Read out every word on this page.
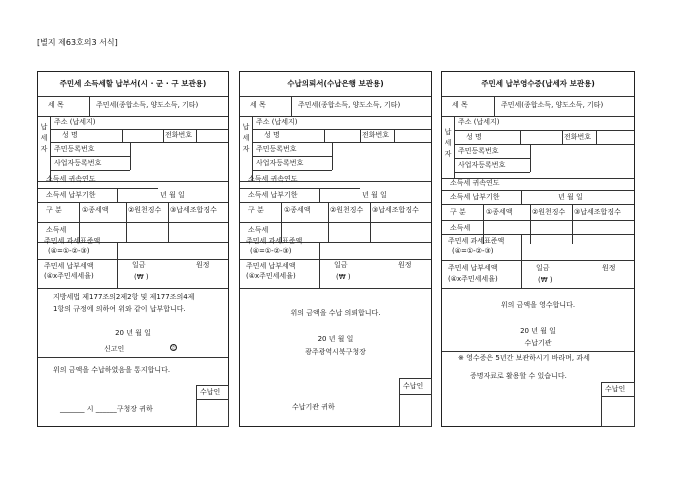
[별지 제63호의3 서식]
주민세 소득세할 납부서(시 · 군 · 구 보관용)
세 목	주민세(종합소득, 양도소득, 기타)
납
세
자
주소 (납세지)
성 명	전화번호
주민등록번호
사업자등록번호
소득세 귀속연도
소득세 납부기한	년 월 일
구 분	①종세액	②원천징수 ③납세조합징수
소득세
주민세 과세표준액
(④=①-②-③)
주민세 납부세액
(④x주민세세율)
일금	원정
(₩ )
지방세법 제177조의2제2항 및 제177조의4제
1항의 규정에 의하여 위와 같이 납부합니다.
20 년 월 일
신고인	인
위의 금액을 수납하였음을 통지합니다.
수납인
_______ 시 ______구청장 귀하
수납의뢰서(수납은행 보관용)
세 목	주민세(종합소득, 양도소득, 기타)
납
세
자
주소 (납세지)
성 명	전화번호
주민등록번호
사업자등록번호
소득세 귀속연도
소득세 납부기한	년 월 일
구 분	①종세액	②원천징수 ③납세조합징수
소득세
주민세 과세표준액
(④=①-②-③)
주민세 납부세액
(④x주민세세율)
일금	원정
(₩ )
위의 금액을 수납 의뢰합니다.
20 년 월 일
광주광역시북구청장
수납인
수납기관 귀하
주민세 납부영수증(납세자 보관용)
세 목	주민세(종합소득, 양도소득, 기타)
납
세
자
주소 (납세지)
성 명	전화번호
주민등록번호
사업자등록번호
소득세 귀속연도
소득세 납부기한	년 월 일
구 분	①종세액	②원천징수 ③납세조합징수
소득세
주민세 과세표준액
(④=①-②-③)
주민세 납부세액
(④x주민세세율)
일금	원정
(₩ )
위의 금액을 영수합니다.
20 년 월 일
수납기관
※ 영수증은 5년간 보관하시기 바라며, 과세
증명자료로 활용할 수 있습니다.
수납인
